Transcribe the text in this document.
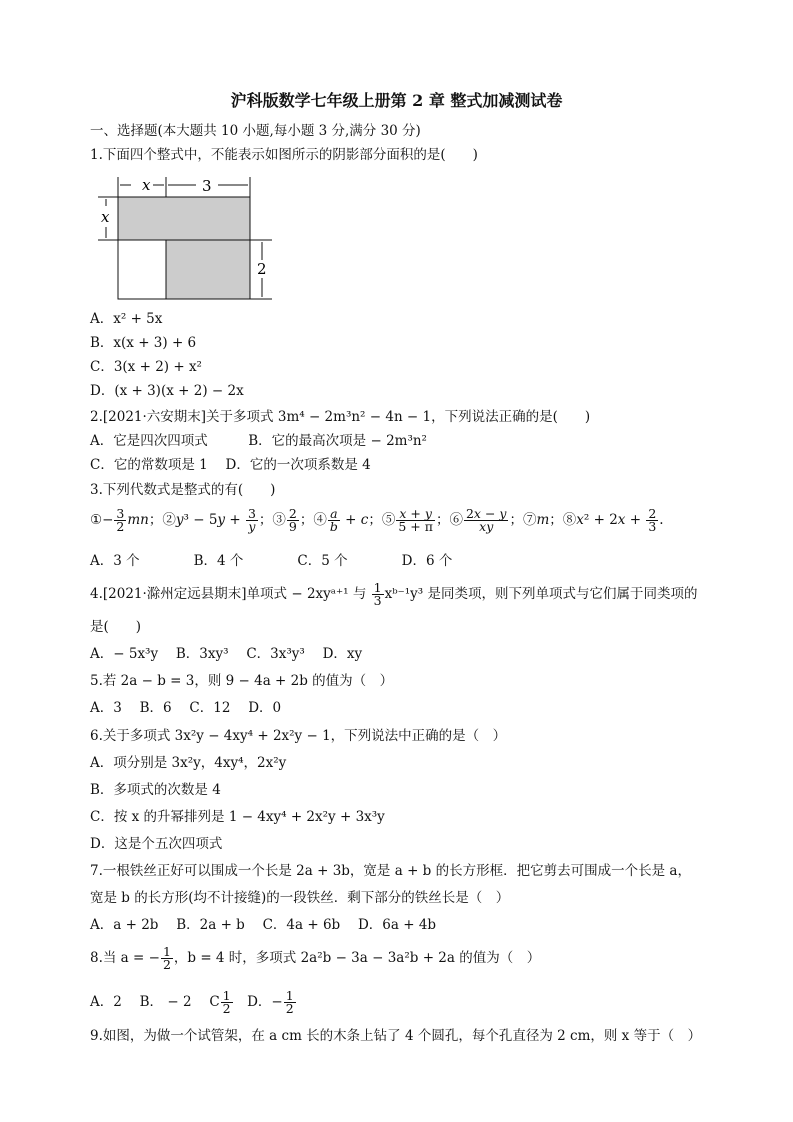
沪科版数学七年级上册第 2 章 整式加减测试卷
一、选择题(本大题共 10 小题,每小题 3 分,满分 30 分)
1.下面四个整式中，不能表示如图所示的阴影部分面积的是(　　)
x	3
x
2
A．x² + 5x
B．x(x + 3) + 6
C．3(x + 2) + x²
D．(x + 3)(x + 2) − 2x
2.[2021·六安期末]关于多项式 3m⁴ − 2m³n² − 4n − 1，下列说法正确的是(　　)
A．它是四次四项式　　　B．它的最高次项是 − 2m³n²
C．它的常数项是 1　 D．它的一次项系数是 4
3.下列代数式是整式的有(　　)
①− $\frac{3}{2}$ mn；②y³ − $5y + \frac{3}{y}$ ；③ $\frac{2}{9}$ ；④ $\frac{a}{b} + c$；⑤ $\frac{x + y}{5 + \pi}$ ；⑥ $\frac{2x - y}{xy}$ ；⑦m；⑧x² + $2x + \frac{2}{3}$ .
A．3 个　　　　B．4 个　　　　C．5 个　　　　D．6 个
4.[2021·滁州定远县期末]单项式 − 2xyᵃ⁺¹ 与 $\frac{1}{3}$ xᵇ⁻¹y³ 是同类项，则下列单项式与它们属于同类项的
是(　　)
A．− 5x³y　 B．3xy³　 C．3x³y³　 D．xy
5.若 2a − b = 3，则 9 − 4a + 2b 的值为（　）
A．3　 B．6　 C．12　 D．0
6.关于多项式 3x²y − 4xy⁴ + 2x²y − 1，下列说法中正确的是（　）
A．项分别是 3x²y，4xy⁴，2x²y
B．多项式的次数是 4
C．按 x 的升幂排列是 1 − 4xy⁴ + 2x²y + 3x³y
D．这是个五次四项式
7.一根铁丝正好可以围成一个长是 2a + 3b，宽是 a + b 的长方形框．把它剪去可围成一个长是 a，
宽是 b 的长方形(均不计接缝)的一段铁丝．剩下部分的铁丝长是（　）
A．a + 2b　 B．2a + b　 C．4a + 6b　 D．6a + 4b
8.当 a = − $\frac{1}{2}$ ，b = 4 时，多项式 2a²b − 3a − 3a²b + 2a 的值为（　）
A．2　 B． − 2　 C $\frac{1}{2}$ 　D．− $\frac{1}{2}$
9.如图，为做一个试管架，在 a cm 长的木条上钻了 4 个圆孔，每个孔直径为 2 cm，则 x 等于（　）
